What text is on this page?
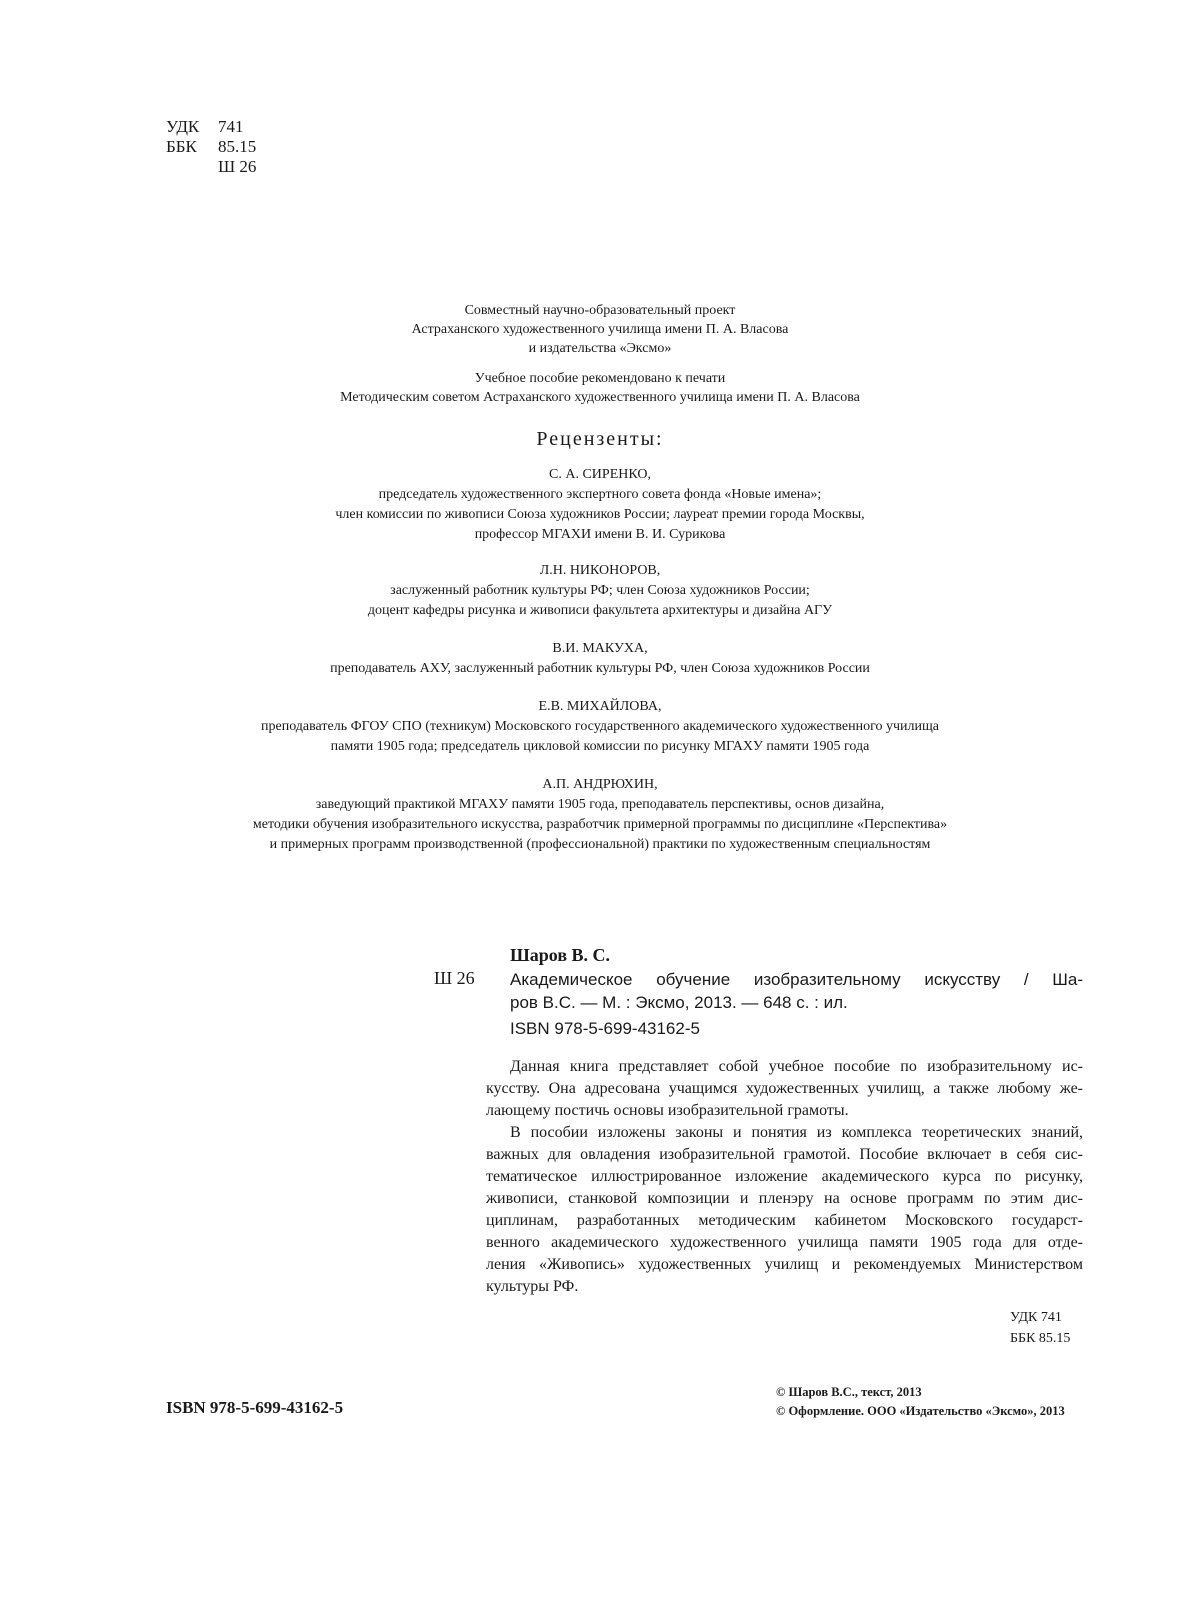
УДК 741
ББК 85.15
Ш 26
Совместный научно-образовательный проект
Астраханского художественного училища имени П. А. Власова
и издательства «Эксмо»
Учебное пособие рекомендовано к печати
Методическим советом Астраханского художественного училища имени П. А. Власова
Рецензенты:
С. А. СИРЕНКО,
председатель художественного экспертного совета фонда «Новые имена»;
член комиссии по живописи Союза художников России; лауреат премии города Москвы,
профессор МГАХИ имени В. И. Сурикова
Л.Н. НИКОНОРОВ,
заслуженный работник культуры РФ; член Союза художников России;
доцент кафедры рисунка и живописи факультета архитектуры и дизайна АГУ
В.И. МАКУХА,
преподаватель АХУ, заслуженный работник культуры РФ, член Союза художников России
Е.В. МИХАЙЛОВА,
преподаватель ФГОУ СПО (техникум) Московского государственного академического художественного училища
памяти 1905 года; председатель цикловой комиссии по рисунку МГАХУ памяти 1905 года
А.П. АНДРЮХИН,
заведующий практикой МГАХУ памяти 1905 года, преподаватель перспективы, основ дизайна,
методики обучения изобразительного искусства, разработчик примерной программы по дисциплине «Перспектива»
и примерных программ производственной (профессиональной) практики по художественным специальностям
Шаров В. С.
Ш 26 Академическое обучение изобразительному искусству / Ша-
ров В.С. — М. : Эксмо, 2013. — 648 с. : ил.
ISBN 978-5-699-43162-5
Данная книга представляет собой учебное пособие по изобразительному ис-
кусству. Она адресована учащимся художественных училищ, а также любому же-
лающему постичь основы изобразительной грамоты.
В пособии изложены законы и понятия из комплекса теоретических знаний,
важных для овладения изобразительной грамотой. Пособие включает в себя сис-
тематическое иллюстрированное изложение академического курса по рисунку,
живописи, станковой композиции и пленэру на основе программ по этим дис-
циплинам, разработанных методическим кабинетом Московского государст-
венного академического художественного училища памяти 1905 года для отде-
ления «Живопись» художественных училищ и рекомендуемых Министерством
культуры РФ.
УДК 741
ББК 85.15
ISBN 978-5-699-43162-5
© Шаров В.С., текст, 2013
© Оформление. ООО «Издательство «Эксмо», 2013
